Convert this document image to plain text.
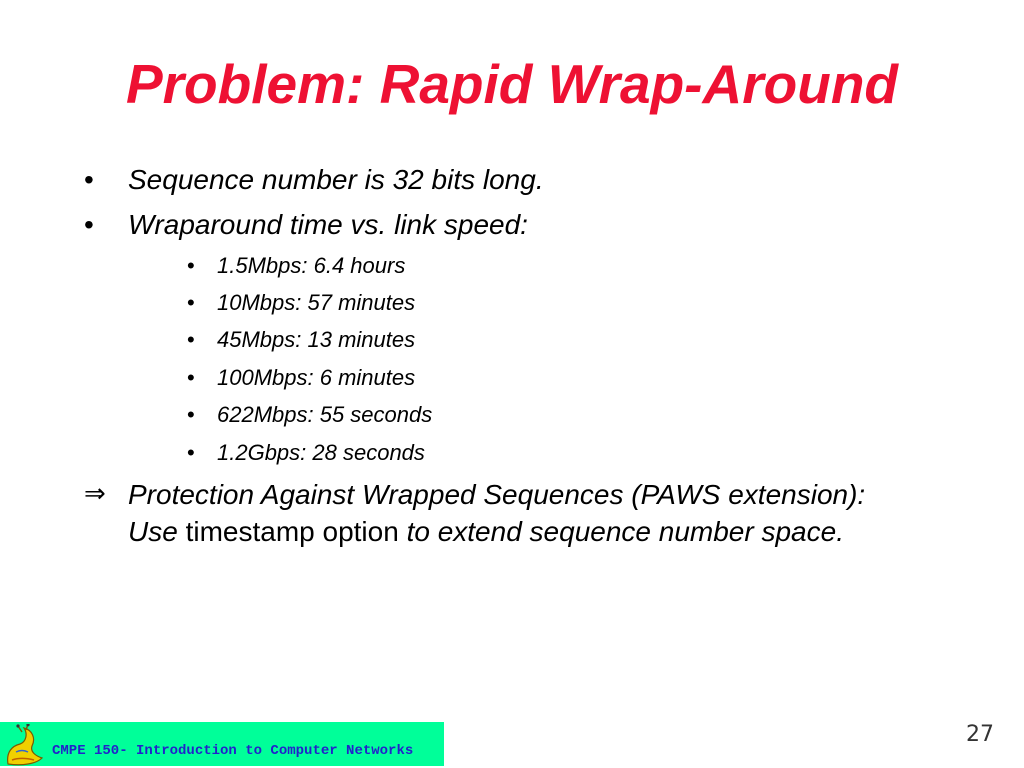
Problem: Rapid Wrap-Around
• Sequence number is 32 bits long.
• Wraparound time vs. link speed:
• 1.5Mbps: 6.4 hours
• 10Mbps: 57 minutes
• 45Mbps: 13 minutes
• 100Mbps: 6 minutes
• 622Mbps: 55 seconds
• 1.2Gbps: 28 seconds
⇒ Protection Against Wrapped Sequences (PAWS extension): Use timestamp option to extend sequence number space.
CMPE 150- Introduction to Computer Networks
27
